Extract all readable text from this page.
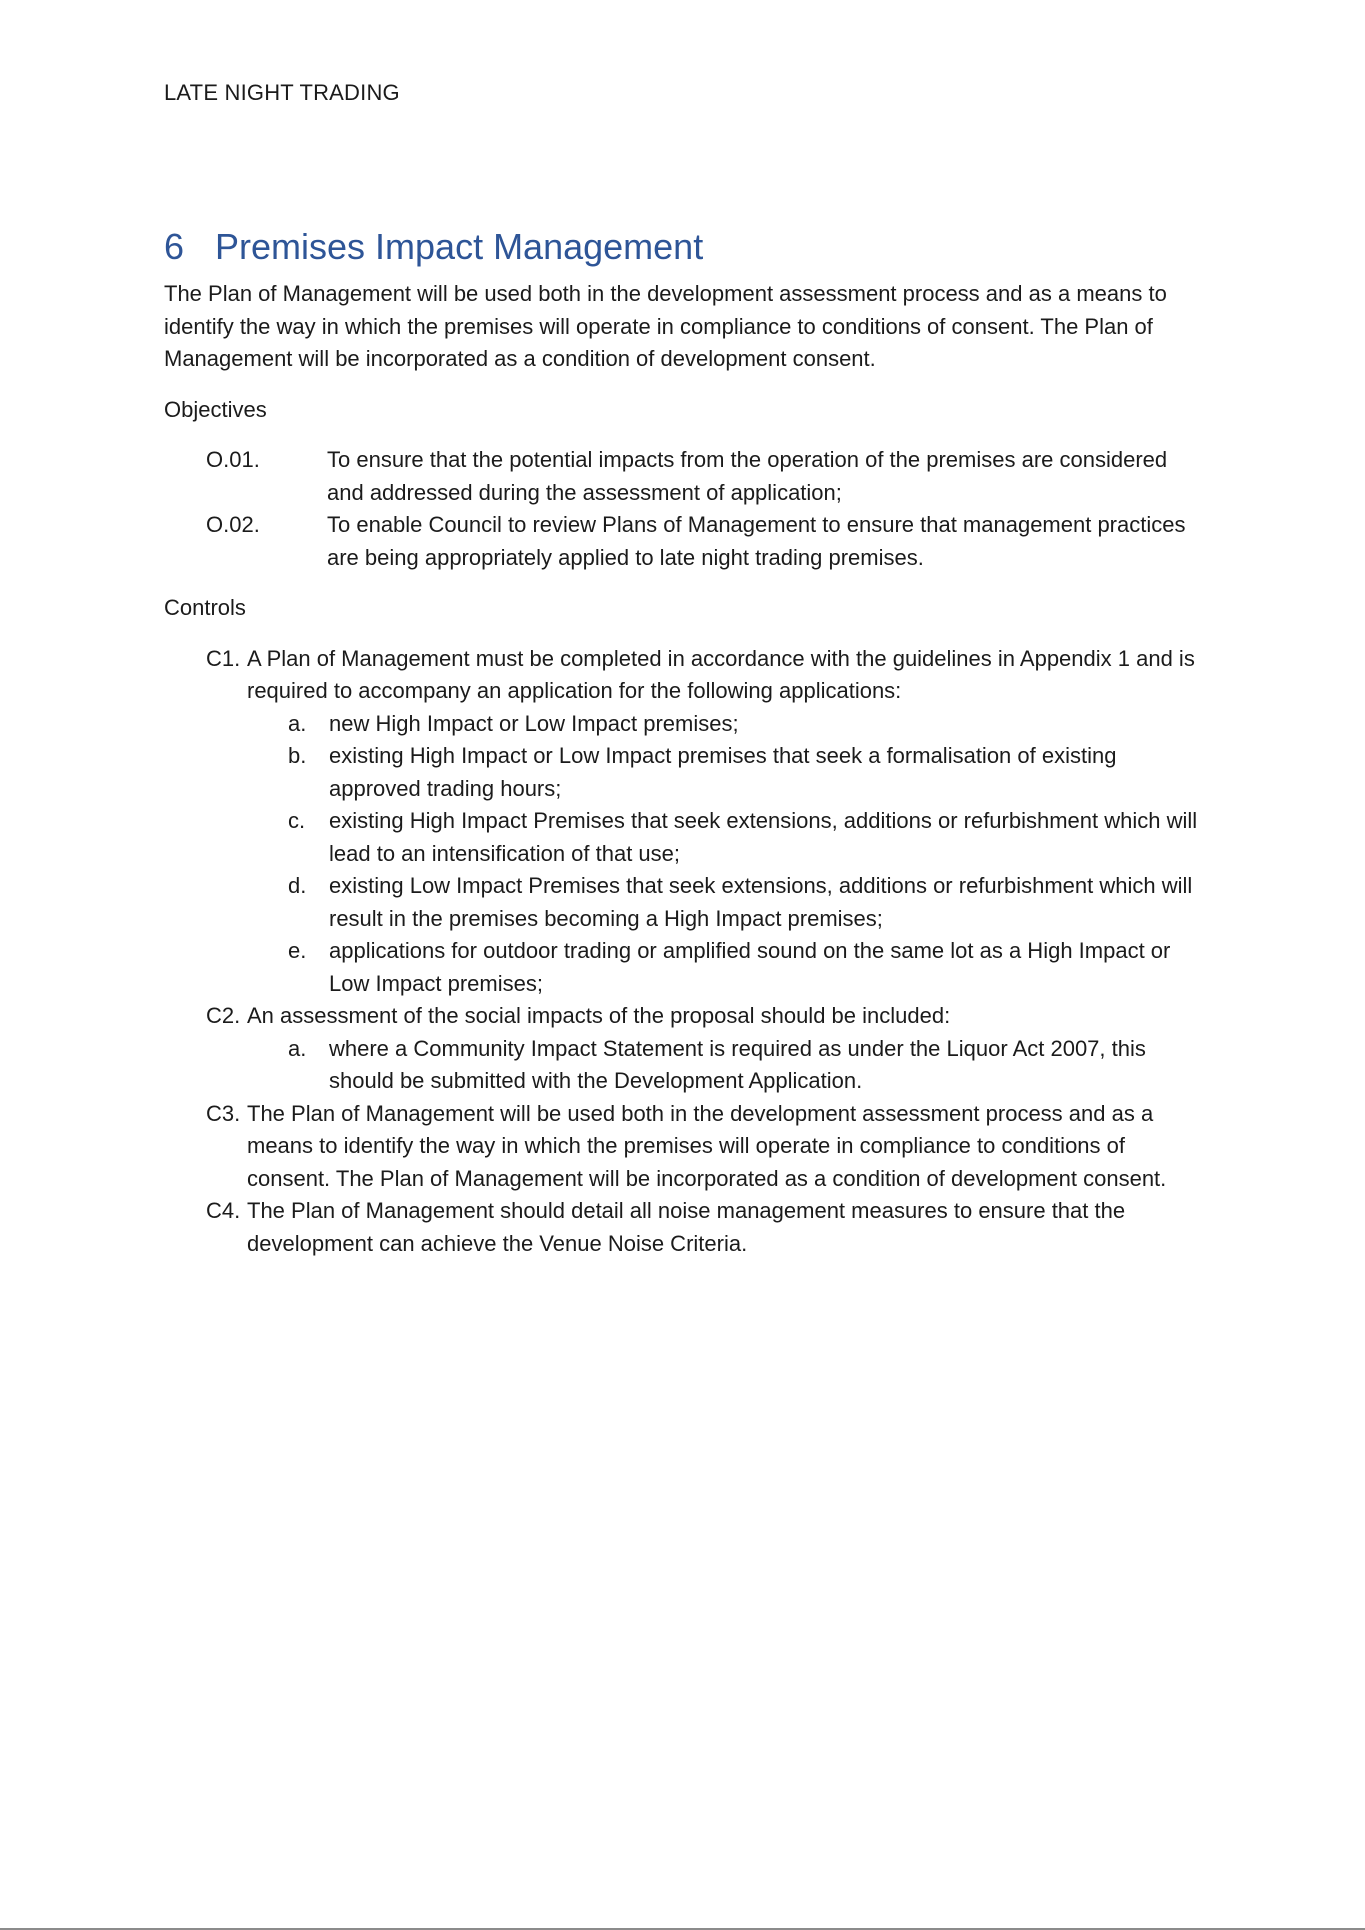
LATE NIGHT TRADING
6 Premises Impact Management

The Plan of Management will be used both in the development assessment process and as a means to identify the way in which the premises will operate in compliance to conditions of consent. The Plan of Management will be incorporated as a condition of development consent.

Objectives
O.01.	To ensure that the potential impacts from the operation of the premises are considered and addressed during the assessment of application;
O.02.	To enable Council to review Plans of Management to ensure that management practices are being appropriately applied to late night trading premises.
Controls
C1. A Plan of Management must be completed in accordance with the guidelines in Appendix 1 and is required to accompany an application for the following applications:
a.	new High Impact or Low Impact premises;
b.	existing High Impact or Low Impact premises that seek a formalisation of existing approved trading hours;
c.	existing High Impact Premises that seek extensions, additions or refurbishment which will lead to an intensification of that use;
d.	existing Low Impact Premises that seek extensions, additions or refurbishment which will result in the premises becoming a High Impact premises;
e.	applications for outdoor trading or amplified sound on the same lot as a High Impact or Low Impact premises;
C2. An assessment of the social impacts of the proposal should be included:
a.	where a Community Impact Statement is required as under the Liquor Act 2007, this should be submitted with the Development Application.
C3. The Plan of Management will be used both in the development assessment process and as a means to identify the way in which the premises will operate in compliance to conditions of consent. The Plan of Management will be incorporated as a condition of development consent.
C4. The Plan of Management should detail all noise management measures to ensure that the development can achieve the Venue Noise Criteria.
